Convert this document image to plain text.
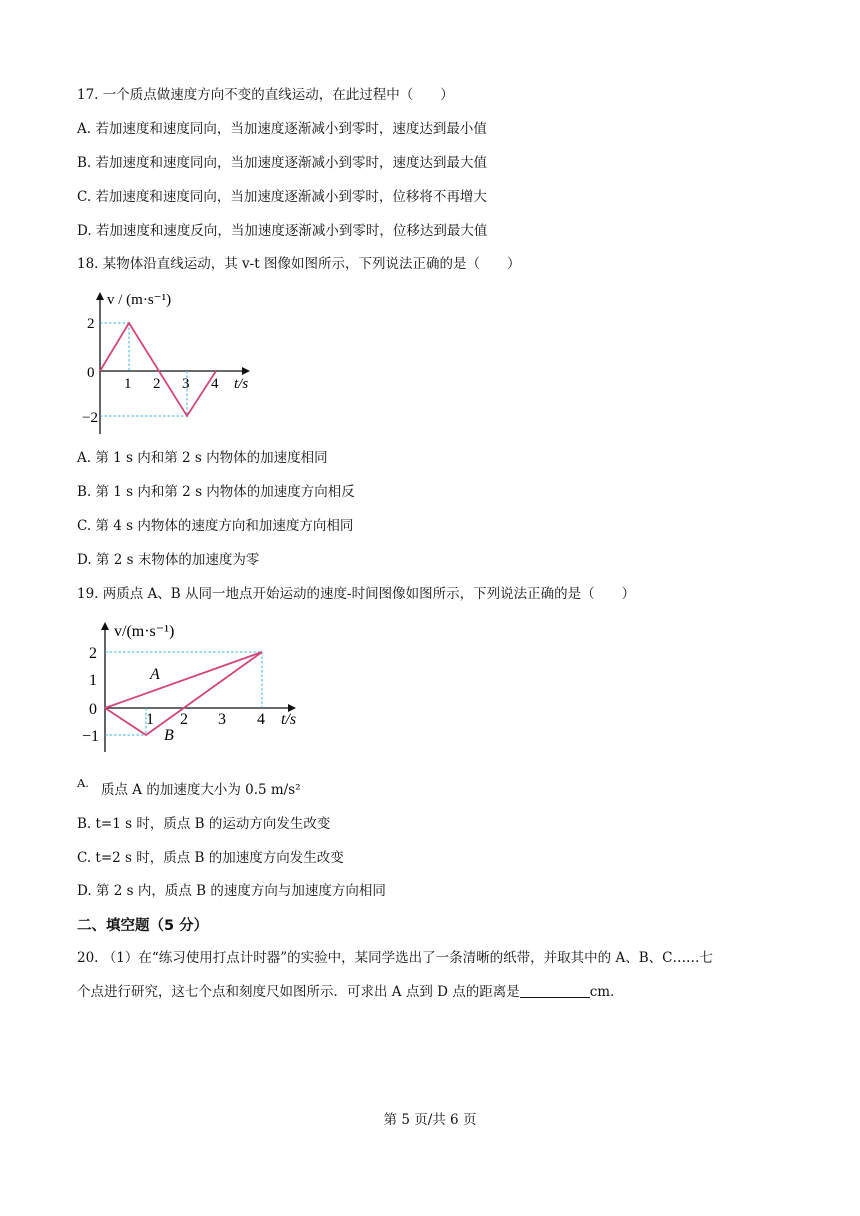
17. 一个质点做速度方向不变的直线运动，在此过程中（　　）
A. 若加速度和速度同向，当加速度逐渐减小到零时，速度达到最小值
B. 若加速度和速度同向，当加速度逐渐减小到零时，速度达到最大值
C. 若加速度和速度同向，当加速度逐渐减小到零时，位移将不再增大
D. 若加速度和速度反向，当加速度逐渐减小到零时，位移达到最大值
18. 某物体沿直线运动，其 v-t 图像如图所示，下列说法正确的是（　　）
v / (m·s⁻¹)
2
0
−2
1 2 3 4 t/s
A. 第 1 s 内和第 2 s 内物体的加速度相同
B. 第 1 s 内和第 2 s 内物体的加速度方向相反
C. 第 4 s 内物体的速度方向和加速度方向相同
D. 第 2 s 末物体的加速度为零
19. 两质点 A、B 从同一地点开始运动的速度-时间图像如图所示，下列说法正确的是（　　）
v/(m·s⁻¹)
A
B
2
1
0
−1
1 2 3 4 t/s
A. 质点 A 的加速度大小为 0.5 m/s²
B. t=1 s 时，质点 B 的运动方向发生改变
C. t=2 s 时，质点 B 的加速度方向发生改变
D. 第 2 s 内，质点 B 的速度方向与加速度方向相同
二、填空题（5 分）
20. （1）在“练习使用打点计时器”的实验中，某同学选出了一条清晰的纸带，并取其中的 A、B、C……七
个点进行研究，这七个点和刻度尺如图所示．可求出 A 点到 D 点的距离是	cm．
第 5 页/共 6 页
